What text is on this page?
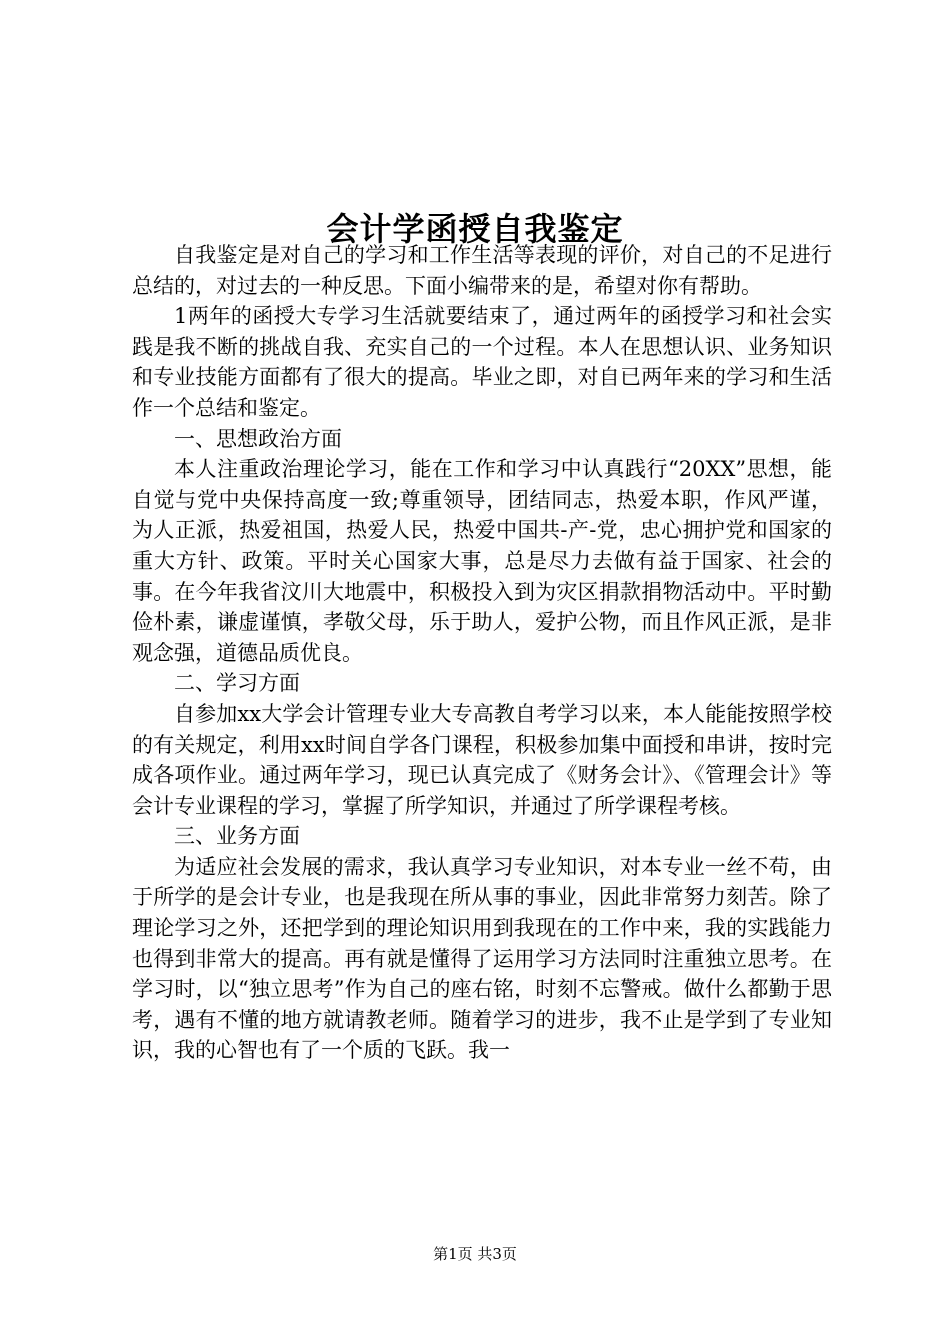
会计学函授自我鉴定

自我鉴定是对自己的学习和工作生活等表现的评价，对自己的不足进行总结的，对过去的一种反思。下面小编带来的是，希望对你有帮助。

1两年的函授大专学习生活就要结束了，通过两年的函授学习和社会实践是我不断的挑战自我、充实自己的一个过程。本人在思想认识、业务知识和专业技能方面都有了很大的提高。毕业之即，对自已两年来的学习和生活作一个总结和鉴定。

一、思想政治方面

本人注重政治理论学习，能在工作和学习中认真践行“20XX”思想，能自觉与党中央保持高度一致;尊重领导，团结同志，热爱本职，作风严谨，为人正派，热爱祖国，热爱人民，热爱中国共-产-党，忠心拥护党和国家的重大方针、政策。平时关心国家大事，总是尽力去做有益于国家、社会的事。在今年我省汶川大地震中，积极投入到为灾区捐款捐物活动中。平时勤俭朴素，谦虚谨慎，孝敬父母，乐于助人，爱护公物，而且作风正派，是非观念强，道德品质优良。

二、学习方面

自参加xx大学会计管理专业大专高教自考学习以来，本人能能按照学校的有关规定，利用xx时间自学各门课程，积极参加集中面授和串讲，按时完成各项作业。通过两年学习，现已认真完成了《财务会计》、《管理会计》等会计专业课程的学习，掌握了所学知识，并通过了所学课程考核。

三、业务方面

为适应社会发展的需求，我认真学习专业知识，对本专业一丝不苟，由于所学的是会计专业，也是我现在所从事的事业，因此非常努力刻苦。除了理论学习之外，还把学到的理论知识用到我现在的工作中来，我的实践能力也得到非常大的提高。再有就是懂得了运用学习方法同时注重独立思考。在学习时，以“独立思考”作为自己的座右铭，时刻不忘警戒。做什么都勤于思考，遇有不懂的地方就请教老师。随着学习的进步，我不止是学到了专业知识，我的心智也有了一个质的飞跃。我一

第1页 共3页
